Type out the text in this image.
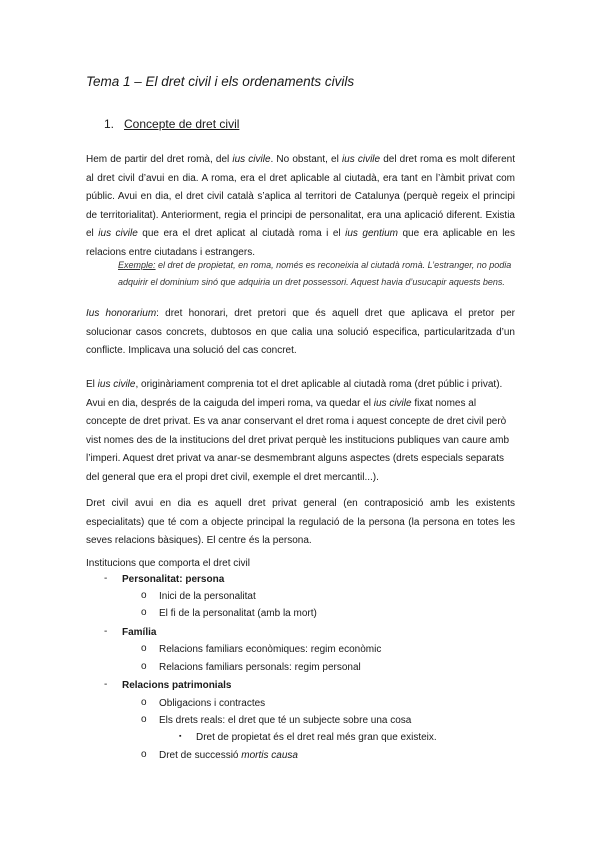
Tema 1 – El dret civil i els ordenaments civils
1. Concepte de dret civil

Hem de partir del dret romà, del ius civile. No obstant, el ius civile del dret roma es molt diferent al dret civil d’avui en dia. A roma, era el dret aplicable al ciutadà, era tant en l’àmbit privat com públic. Avui en dia, el dret civil català s’aplica al territori de Catalunya (perquè regeix el principi de territorialitat). Anteriorment, regia el principi de personalitat, era una aplicació diferent. Existia el ius civile que era el dret aplicat al ciutadà roma i el ius gentium que era aplicable en les relacions entre ciutadans i estrangers.

Exemple: el dret de propietat, en roma, només es reconeixia al ciutadà romà. L’estranger, no podia adquirir el dominium sinó que adquiria un dret possessori. Aquest havia d’usucapir aquests bens.

Ius honorarium: dret honorari, dret pretori que és aquell dret que aplicava el pretor per solucionar casos concrets, dubtosos en que calia una solució especifica, particularitzada d’un conflicte. Implicava una solució del cas concret.

El ius civile, originàriament comprenia tot el dret aplicable al ciutadà roma (dret públic i privat). Avui en dia, després de la caiguda del imperi roma, va quedar el ius civile fixat nomes al concepte de dret privat. Es va anar conservant el dret roma i aquest concepte de dret civil però vist nomes des de la institucions del dret privat perquè les institucions publiques van caure amb l’imperi. Aquest dret privat va anar-se desmembrant alguns aspectes (drets especials separats del general que era el propi dret civil, exemple el dret mercantil...).

Dret civil avui en dia es aquell dret privat general (en contraposició amb les existents especialitats) que té com a objecte principal la regulació de la persona (la persona en totes les seves relacions bàsiques). El centre és la persona.

Institucions que comporta el dret civil
- Personalitat: persona
o Inici de la personalitat
o El fi de la personalitat (amb la mort)
- Família
o Relacions familiars econòmiques: regim econòmic
o Relacions familiars personals: regim personal
- Relacions patrimonials
o Obligacions i contractes
o Els drets reals: el dret que té un subjecte sobre una cosa
▪ Dret de propietat és el dret real més gran que existeix.
o Dret de successió mortis causa
